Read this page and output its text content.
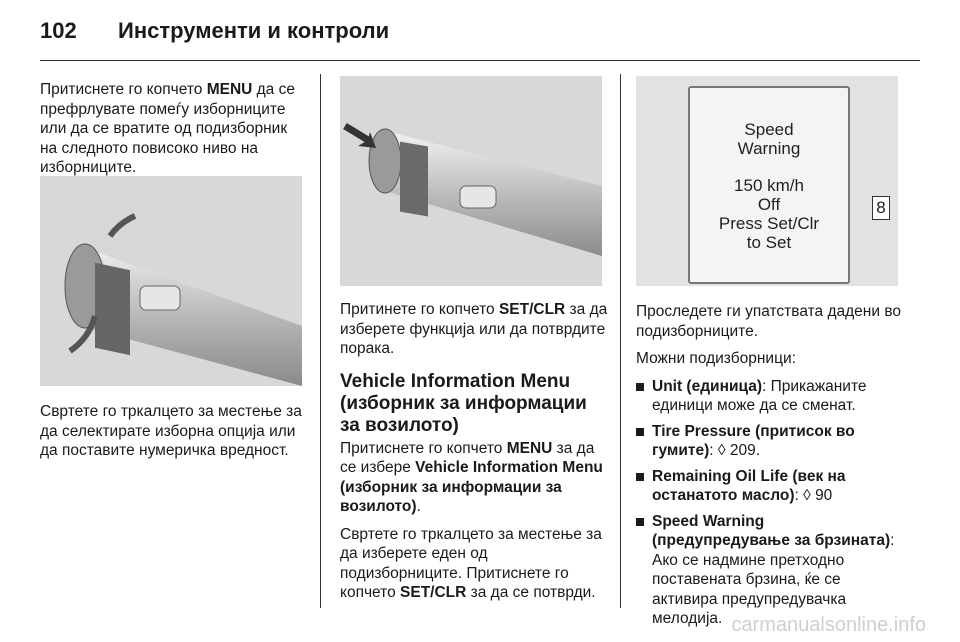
102 Инструменти и контроли

Притиснете го копчето MENU да се префрлувате помеѓу изборниците или да се вратите од подизборник на следното повисоко ниво на изборниците.

Свртете го тркалцето за местење за да селектирате изборна опција или да поставите нумеричка вредност.

Притинете го копчето SET/CLR за да изберете функција или да потврдите порака.

Vehicle Information Menu (изборник за информации за возилото)

Притиснете го копчето MENU за да се избере Vehicle Information Menu (изборник за информации за возилото).

Свртете го тркалцето за местење за да изберете еден од подизборниците. Притиснете го копчето SET/CLR за да се потврди.

Speed
Warning
150 km/h
Off
Press Set/Clr
to Set
8

Проследете ги упатствата дадени во подизборниците.

Можни подизборници:

Unit (единица): Прикажаните единици може да се сменат.
Tire Pressure (притисок во гумите): ◊ 209.
Remaining Oil Life (век на останатото масло): ◊ 90
Speed Warning (предупредување за брзината): Ако се надмине претходно поставената брзина, ќе се активира предупредувачка мелодија. carmanualsonline.info
